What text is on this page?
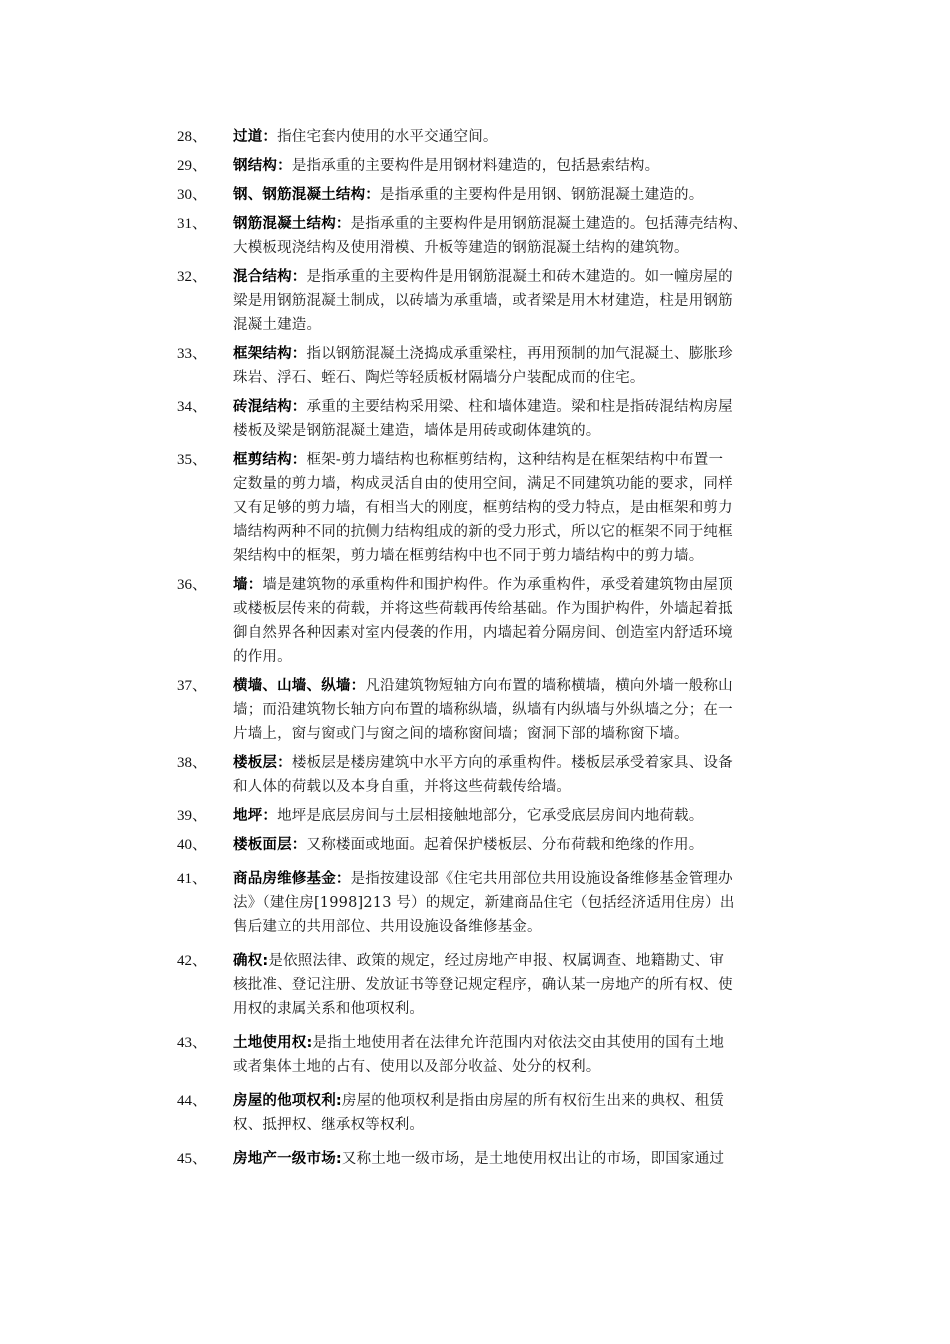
28、	过道：指住宅套内使用的水平交通空间。
29、	钢结构：是指承重的主要构件是用钢材料建造的，包括悬索结构。
30、	钢、钢筋混凝土结构：是指承重的主要构件是用钢、钢筋混凝土建造的。
31、	钢筋混凝土结构：是指承重的主要构件是用钢筋混凝土建造的。包括薄壳结构、
大模板现浇结构及使用滑模、升板等建造的钢筋混凝土结构的建筑物。
32、	混合结构：是指承重的主要构件是用钢筋混凝土和砖木建造的。如一幢房屋的
梁是用钢筋混凝土制成，以砖墙为承重墙，或者梁是用木材建造，柱是用钢筋
混凝土建造。
33、	框架结构：指以钢筋混凝土浇捣成承重梁柱，再用预制的加气混凝土、膨胀珍
珠岩、浮石、蛭石、陶烂等轻质板材隔墙分户装配成而的住宅。
34、	砖混结构：承重的主要结构采用梁、柱和墙体建造。梁和柱是指砖混结构房屋
楼板及梁是钢筋混凝土建造，墙体是用砖或砌体建筑的。
35、	框剪结构：框架-剪力墙结构也称框剪结构，这种结构是在框架结构中布置一
定数量的剪力墙，构成灵活自由的使用空间，满足不同建筑功能的要求，同样
又有足够的剪力墙，有相当大的刚度，框剪结构的受力特点，是由框架和剪力
墙结构两种不同的抗侧力结构组成的新的受力形式，所以它的框架不同于纯框
架结构中的框架，剪力墙在框剪结构中也不同于剪力墙结构中的剪力墙。
36、	墙：墙是建筑物的承重构件和围护构件。作为承重构件，承受着建筑物由屋顶
或楼板层传来的荷载，并将这些荷载再传给基础。作为围护构件，外墙起着抵
御自然界各种因素对室内侵袭的作用，内墙起着分隔房间、创造室内舒适环境
的作用。
37、	横墙、山墙、纵墙：凡沿建筑物短轴方向布置的墙称横墙，横向外墙一般称山
墙；而沿建筑物长轴方向布置的墙称纵墙，纵墙有内纵墙与外纵墙之分；在一
片墙上，窗与窗或门与窗之间的墙称窗间墙；窗洞下部的墙称窗下墙。
38、	楼板层：楼板层是楼房建筑中水平方向的承重构件。楼板层承受着家具、设备
和人体的荷载以及本身自重，并将这些荷载传给墙。
39、	地坪：地坪是底层房间与土层相接触地部分，它承受底层房间内地荷载。
40、	楼板面层：又称楼面或地面。起着保护楼板层、分布荷载和绝缘的作用。
41、	商品房维修基金：是指按建设部《住宅共用部位共用设施设备维修基金管理办
法》（建住房[1998]213 号）的规定，新建商品住宅（包括经济适用住房）出
售后建立的共用部位、共用设施设备维修基金。
42、	确权:是依照法律、政策的规定，经过房地产申报、权属调查、地籍勘丈、审
核批准、登记注册、发放证书等登记规定程序，确认某一房地产的所有权、使
用权的隶属关系和他项权利。
43、	土地使用权:是指土地使用者在法律允许范围内对依法交由其使用的国有土地
或者集体土地的占有、使用以及部分收益、处分的权利。
44、	房屋的他项权利:房屋的他项权利是指由房屋的所有权衍生出来的典权、租赁
权、抵押权、继承权等权利。
45、	房地产一级市场:又称土地一级市场，是土地使用权出让的市场，即国家通过
